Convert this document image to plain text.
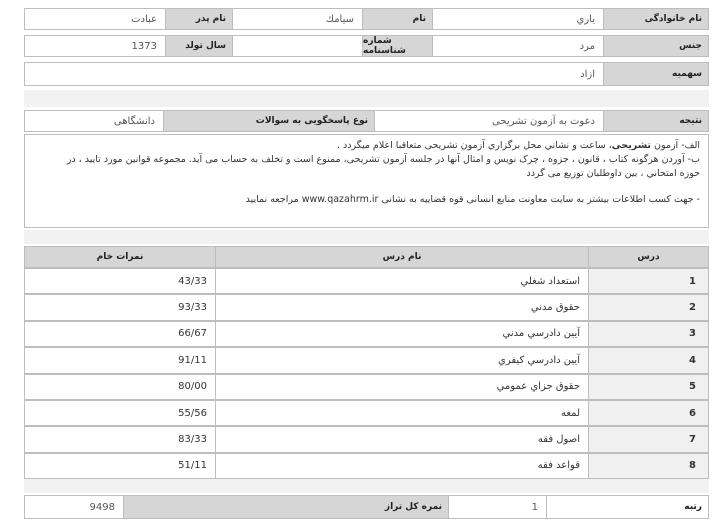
نام خانوادگی
ياري
نام
سیامك
نام پدر
عبادت
جنس
مرد
شماره شناسنامه
سال تولد
1373
سهمیه
ازاد
نتیجه
دعوت به آزمون تشریحی
نوع پاسخگویی به سوالات
دانشگاهی
الف- آزمون تشریحی، ساعت و نشاني محل برگزاري آزمون تشریحی متعاقبا اعلام میگردد .
ب- آوردن هرگونه کتاب ، قانون ، جزوه ، چرک نویس و امثال آنها در جلسه آزمون تشریحی، ممنوع است و تخلف به حساب می آید. مجموعه قوانین مورد تایید ، در
حوزه امتحاني ، بین داوطلبان توزیع می گردد
- جهت کسب اطلاعات بیشتر به سایت معاونت منابع انسانی قوه قضاییه به نشانی www.qazahrm.ir مراجعه نمایید
درس
نام درس
نمرات خام
1
استعداد شغلي
43/33
2
حقوق مدني
93/33
3
آيين دادرسي مدني
66/67
4
آيين دادرسي كيفري
91/11
5
حقوق جزاي عمومي
80/00
6
لمعه
55/56
7
اصول فقه
83/33
8
قواعد فقه
51/11
رتبه
1
نمره کل تراز
9498
